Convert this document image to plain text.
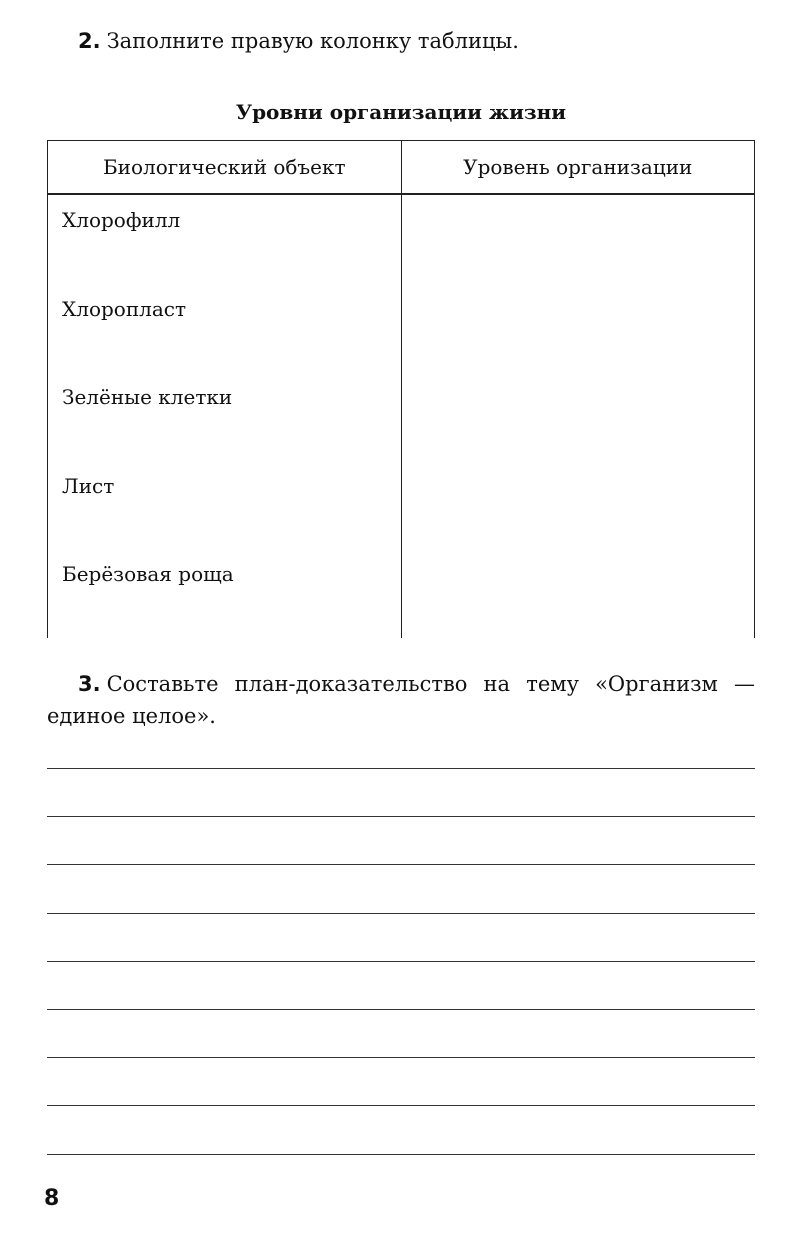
2. Заполните правую колонку таблицы.
Уровни организации жизни
Биологический объект	Уровень организации
Хлорофилл	
Хлоропласт	
Зелёные клетки	
Лист	
Берёзовая роща	
3. Составьте план-доказательство на тему «Организм — единое целое».
8
